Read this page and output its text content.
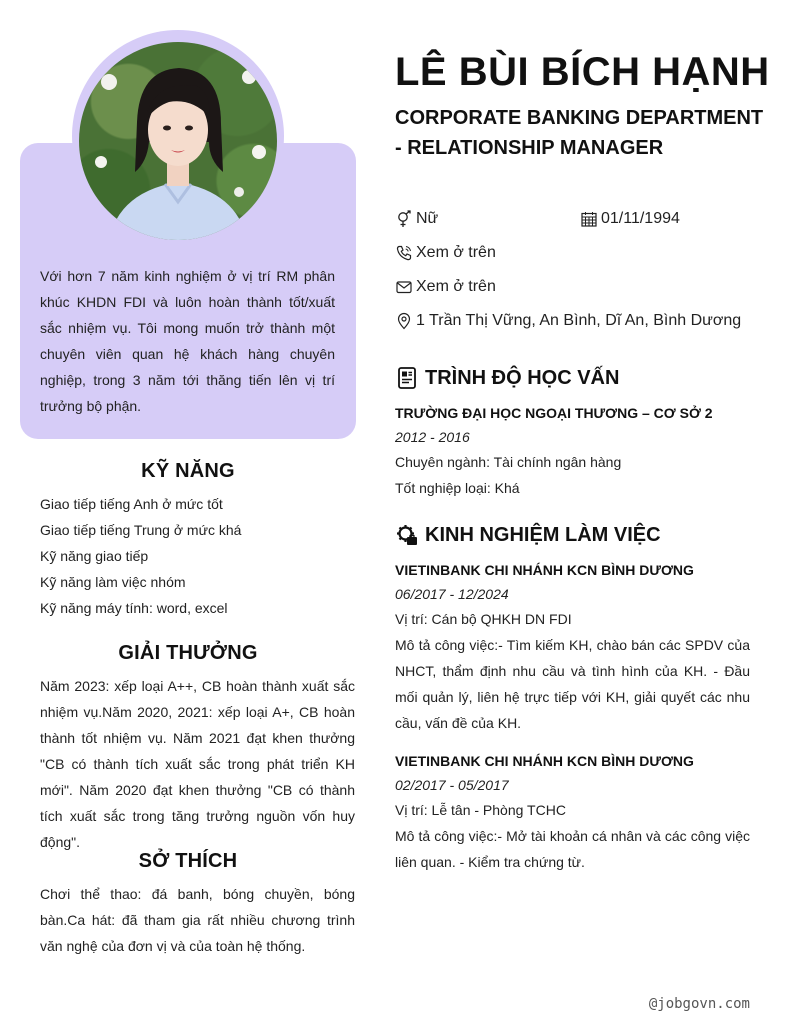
Với hơn 7 năm kinh nghiệm ở vị trí RM phân khúc KHDN FDI và luôn hoàn thành tốt/xuất sắc nhiệm vụ. Tôi mong muốn trở thành một chuyên viên quan hệ khách hàng chuyên nghiệp, trong 3 năm tới thăng tiến lên vị trí trưởng bộ phận.
KỸ NĂNG
Giao tiếp tiếng Anh ở mức tốt
Giao tiếp tiếng Trung ở mức khá
Kỹ năng giao tiếp
Kỹ năng làm việc nhóm
Kỹ năng máy tính: word, excel
GIẢI THƯỞNG
Năm 2023: xếp loại A++, CB hoàn thành xuất sắc nhiệm vụ.Năm 2020, 2021: xếp loại A+, CB hoàn thành tốt nhiệm vụ. Năm 2021 đạt khen thưởng "CB có thành tích xuất sắc trong phát triển KH mới". Năm 2020 đạt khen thưởng "CB có thành tích xuất sắc trong tăng trưởng nguồn vốn huy động".
SỞ THÍCH
Chơi thể thao: đá banh, bóng chuyền, bóng bàn.Ca hát: đã tham gia rất nhiều chương trình văn nghệ của đơn vị và của toàn hệ thống.
LÊ BÙI BÍCH HẠNH
CORPORATE BANKING DEPARTMENT - RELATIONSHIP MANAGER
Nữ	01/11/1994
Xem ở trên
Xem ở trên
1 Trần Thị Vững, An Bình, Dĩ An, Bình Dương
TRÌNH ĐỘ HỌC VẤN
TRƯỜNG ĐẠI HỌC NGOẠI THƯƠNG – CƠ SỞ 2
2012 - 2016
Chuyên ngành: Tài chính ngân hàng
Tốt nghiệp loại: Khá
KINH NGHIỆM LÀM VIỆC
VIETINBANK CHI NHÁNH KCN BÌNH DƯƠNG
06/2017 - 12/2024
Vị trí: Cán bộ QHKH DN FDI
Mô tả công việc:- Tìm kiếm KH, chào bán các SPDV của NHCT, thẩm định nhu cầu và tình hình của KH. - Đầu mối quản lý, liên hệ trực tiếp với KH, giải quyết các nhu cầu, vấn đề của KH.
VIETINBANK CHI NHÁNH KCN BÌNH DƯƠNG
02/2017 - 05/2017
Vị trí: Lễ tân - Phòng TCHC
Mô tả công việc:- Mở tài khoản cá nhân và các công việc liên quan. - Kiểm tra chứng từ.
@jobgovn.com
